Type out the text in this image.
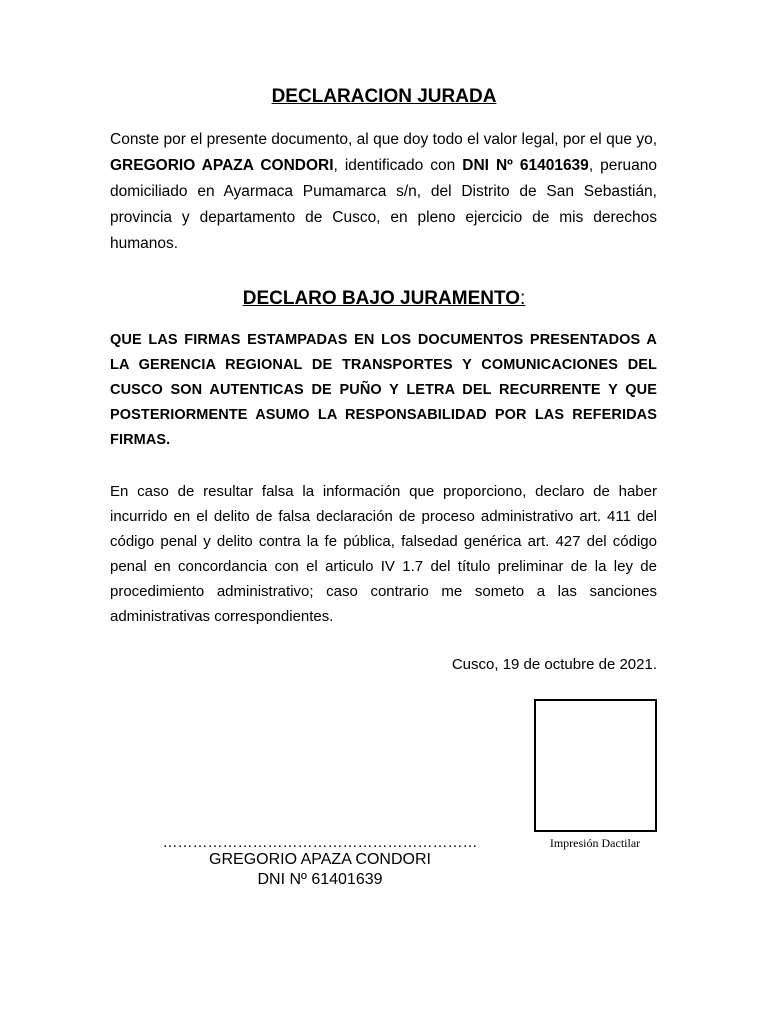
DECLARACION JURADA
Conste por el presente documento, al que doy todo el valor legal, por el que yo, GREGORIO APAZA CONDORI, identificado con DNI Nº 61401639, peruano domiciliado en Ayarmaca Pumamarca s/n, del Distrito de San Sebastián, provincia y departamento de Cusco, en pleno ejercicio de mis derechos humanos.
DECLARO BAJO JURAMENTO:
QUE LAS FIRMAS ESTAMPADAS EN LOS DOCUMENTOS PRESENTADOS A LA GERENCIA REGIONAL DE TRANSPORTES Y COMUNICACIONES DEL CUSCO SON AUTENTICAS DE PUÑO Y LETRA DEL RECURRENTE Y QUE POSTERIORMENTE ASUMO LA RESPONSABILIDAD POR LAS REFERIDAS FIRMAS.
En caso de resultar falsa la información que proporciono, declaro de haber incurrido en el delito de falsa declaración de proceso administrativo art. 411 del código penal y delito contra la fe pública, falsedad genérica art. 427 del código penal en concordancia con el articulo IV 1.7 del título preliminar de la ley de procedimiento administrativo; caso contrario me someto a las sanciones administrativas correspondientes.
Cusco, 19 de octubre de 2021.
Impresión Dactilar
………………………………………………………
GREGORIO APAZA CONDORI
DNI Nº 61401639
